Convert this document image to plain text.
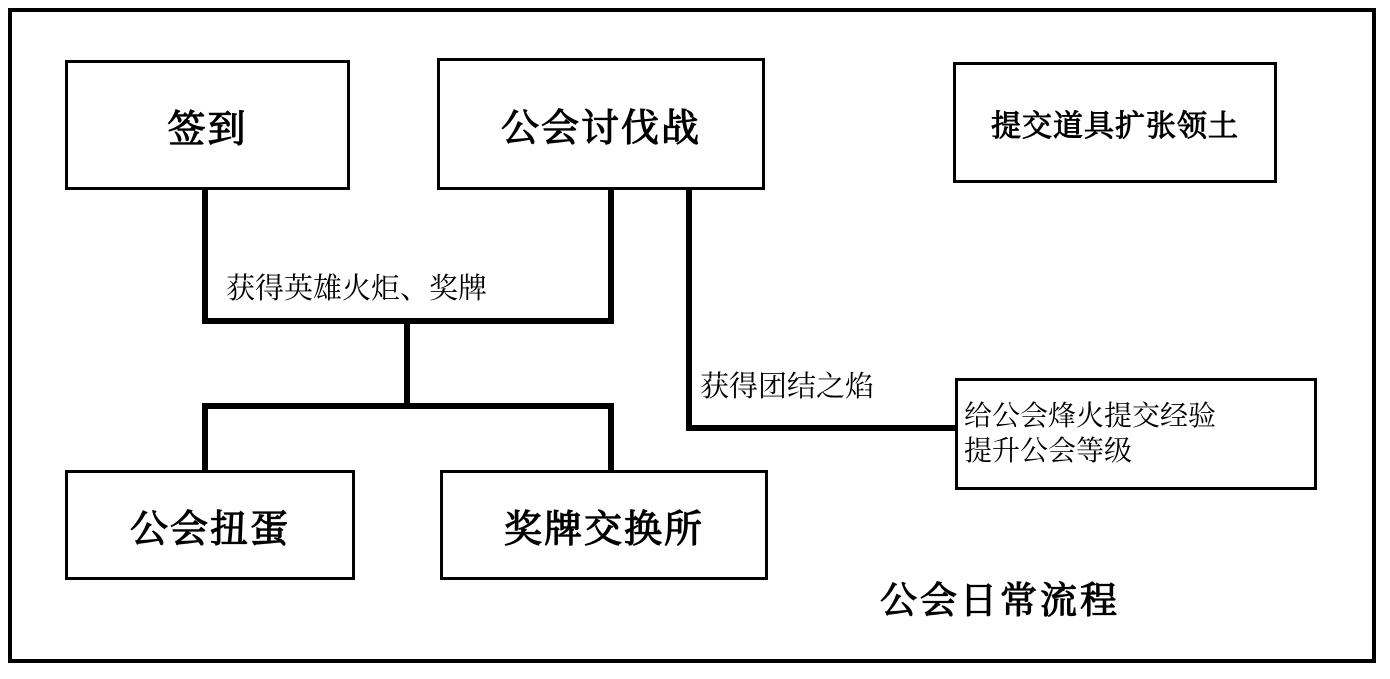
签到	公会讨伐战	提交道具扩张领土
公会扭蛋	奖牌交换所
给公会烽火提交经验
提升公会等级
获得英雄火炬、奖牌
获得团结之焰
公会日常流程
